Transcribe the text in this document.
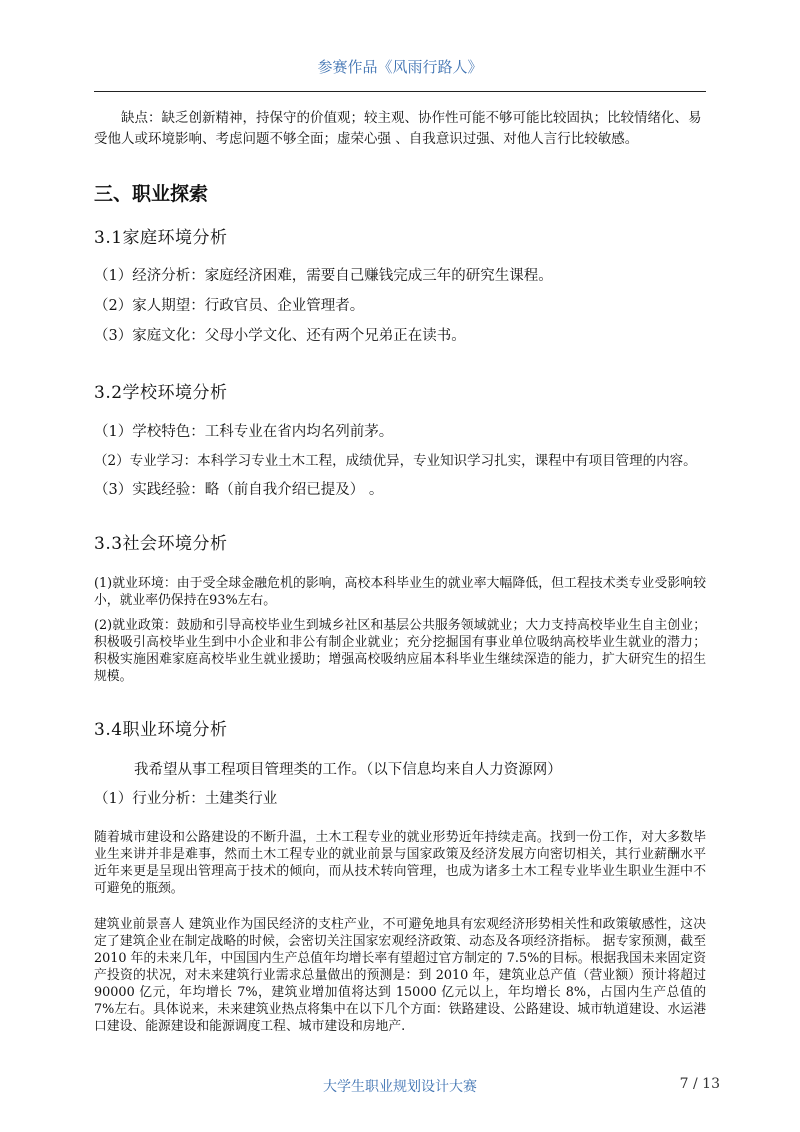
参赛作品《风雨行路人》

缺点：缺乏创新精神，持保守的价值观；较主观、协作性可能不够可能比较固执；比较情绪化、易受他人或环境影响、考虑问题不够全面；虚荣心强 、自我意识过强、对他人言行比较敏感。

三、职业探索

3.1家庭环境分析

（1）经济分析：家庭经济困难，需要自己赚钱完成三年的研究生课程。

（2）家人期望：行政官员、企业管理者。

（3）家庭文化：父母小学文化、还有两个兄弟正在读书。

3.2学校环境分析

（1）学校特色：工科专业在省内均名列前茅。

（2）专业学习：本科学习专业土木工程，成绩优异，专业知识学习扎实，课程中有项目管理的内容。

（3）实践经验：略（前自我介绍已提及） 。

3.3社会环境分析

(1)就业环境：由于受全球金融危机的影响，高校本科毕业生的就业率大幅降低，但工程技术类专业受影响较小，就业率仍保持在93%左右。

(2)就业政策：鼓励和引导高校毕业生到城乡社区和基层公共服务领域就业；大力支持高校毕业生自主创业；积极吸引高校毕业生到中小企业和非公有制企业就业；充分挖掘国有事业单位吸纳高校毕业生就业的潜力；积极实施困难家庭高校毕业生就业援助；增强高校吸纳应届本科毕业生继续深造的能力，扩大研究生的招生规模。

3.4职业环境分析

我希望从事工程项目管理类的工作。（以下信息均来自人力资源网）

（1）行业分析：土建类行业

随着城市建设和公路建设的不断升温，土木工程专业的就业形势近年持续走高。找到一份工作，对大多数毕业生来讲并非是难事，然而土木工程专业的就业前景与国家政策及经济发展方向密切相关，其行业薪酬水平近年来更是呈现出管理高于技术的倾向，而从技术转向管理，也成为诸多土木工程专业毕业生职业生涯中不可避免的瓶颈。

建筑业前景喜人 建筑业作为国民经济的支柱产业，不可避免地具有宏观经济形势相关性和政策敏感性，这决定了建筑企业在制定战略的时候，会密切关注国家宏观经济政策、动态及各项经济指标。 据专家预测，截至 2010 年的未来几年，中国国内生产总值年均增长率有望超过官方制定的 7.5%的目标。根据我国未来固定资产投资的状况，对未来建筑行业需求总量做出的预测是：到 2010 年，建筑业总产值（营业额）预计将超过 90000 亿元，年均增长 7%，建筑业增加值将达到 15000 亿元以上，年均增长 8%，占国内生产总值的 7%左右。具体说来，未来建筑业热点将集中在以下几个方面：铁路建设、公路建设、城市轨道建设、水运港口建设、能源建设和能源调度工程、城市建设和房地产.

大学生职业规划设计大赛	7 / 13
